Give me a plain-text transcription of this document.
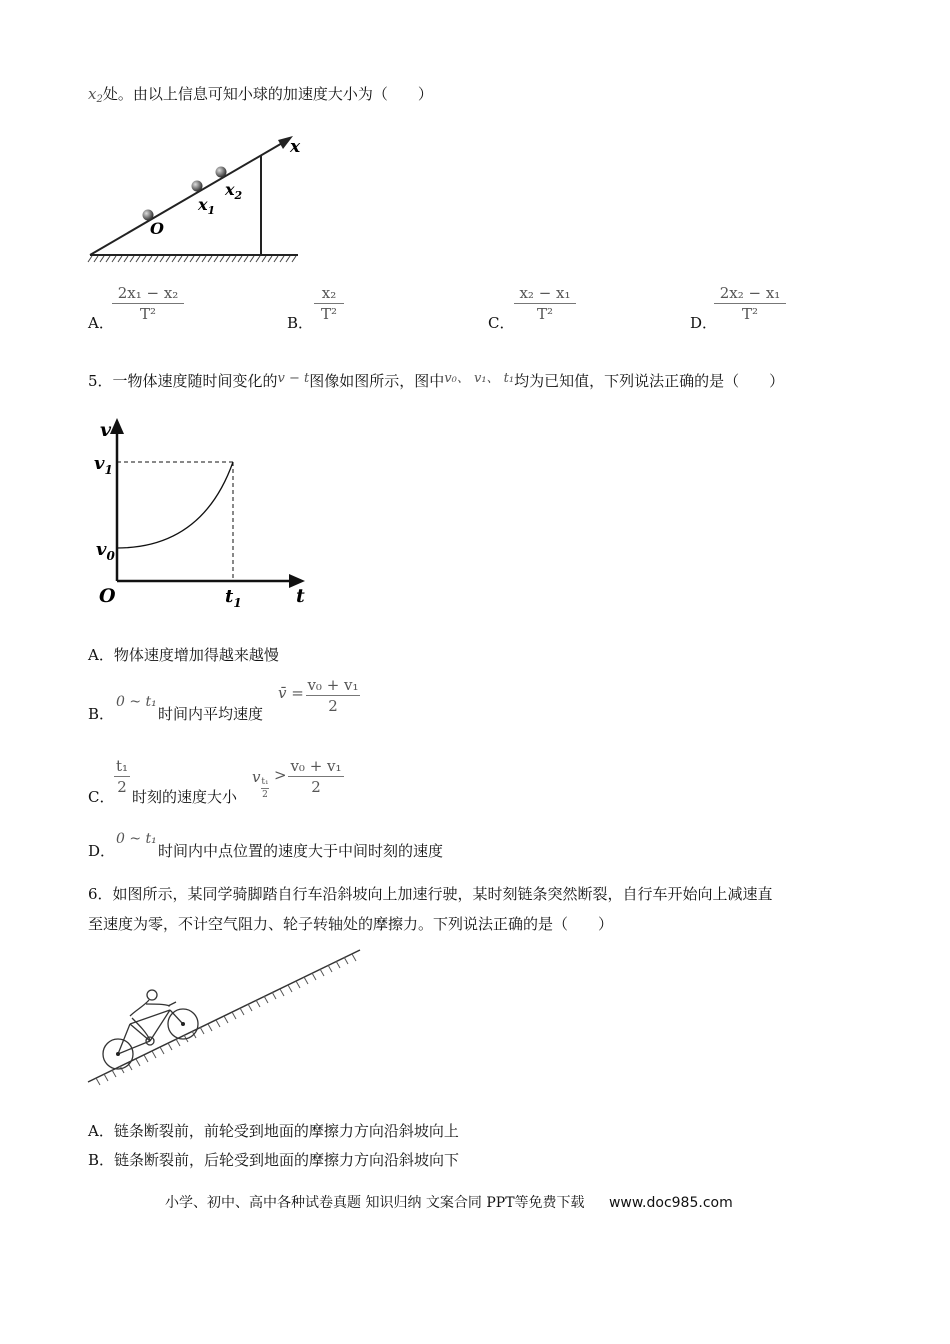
$x_2$处。由以上信息可知小球的加速度大小为（　　）
x
O
$x_1$
$x_2$
A．
2x₁ − x₂
T²	B．
x₂
T²	C．
x₂ − x₁
T²	D．
2x₂ − x₁
T²
5．一物体速度随时间变化的v − t图像如图所示，图中v₀、 v₁、 t₁均为已知值，下列说法正确的是（　　）
v
t
O
$v_1$
$v_0$
$t_1$
A．物体速度增加得越来越慢
B．
0 ~ t₁
时间内平均速度
v̄ = v₀ + v₁
2
C．
t₁
2
时刻的速度大小
v t₁
2
> v₀ + v₁
2
D．
0 ~ t₁
时间内中点位置的速度大于中间时刻的速度
6．如图所示，某同学骑脚踏自行车沿斜坡向上加速行驶，某时刻链条突然断裂，自行车开始向上减速直
至速度为零，不计空气阻力、轮子转轴处的摩擦力。下列说法正确的是（　　）
A．链条断裂前，前轮受到地面的摩擦力方向沿斜坡向上
B．链条断裂前，后轮受到地面的摩擦力方向沿斜坡向下
小学、初中、高中各种试卷真题 知识归纳 文案合同 PPT等免费下载 www.doc985.com
